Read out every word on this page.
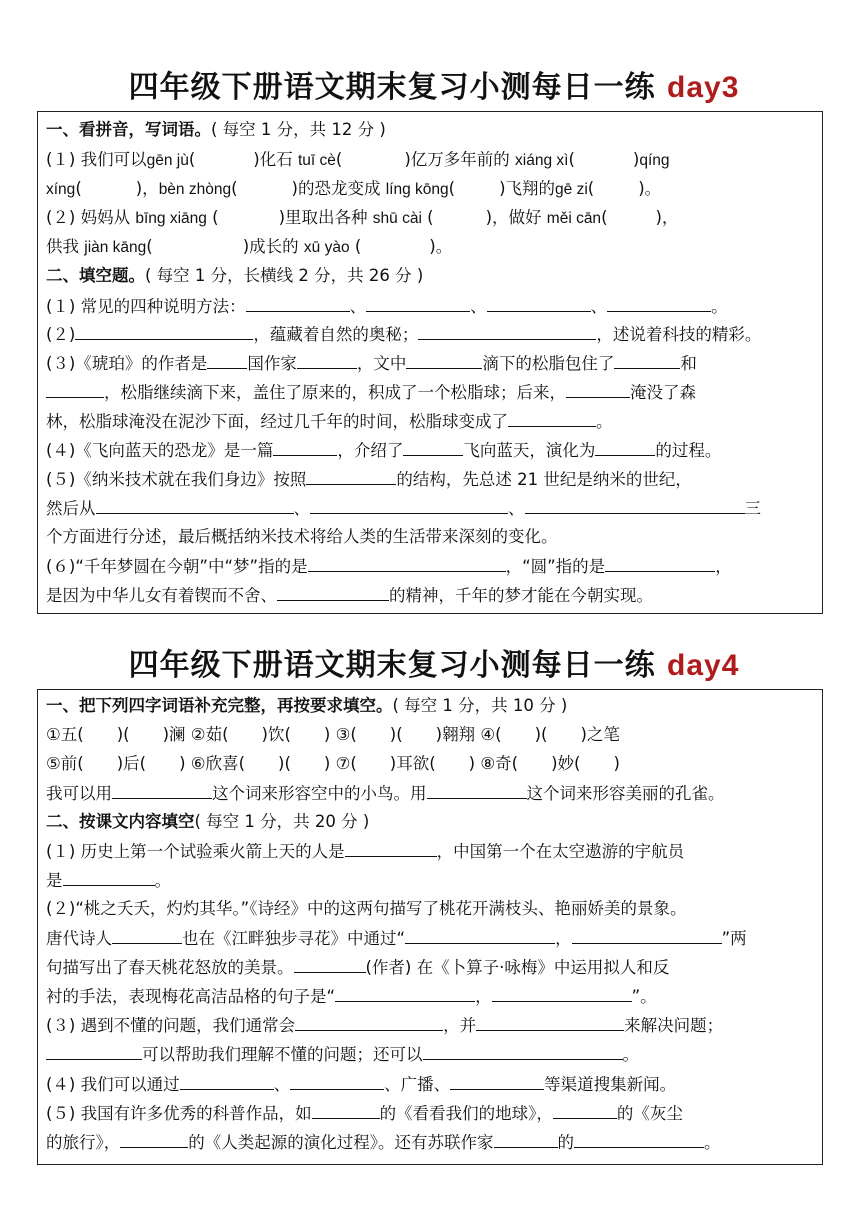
四年级下册语文期末复习小测每日一练 day3
一、看拼音，写词语。( 每空 1 分，共 12 分 )
(１) 我们可以gēn jù(	)化石 tuī cè(	)亿万多年前的 xiáng xì(	)qíng
xíng(	)，bèn zhòng(	)的恐龙变成 líng kōng(	)飞翔的gē zi(	)。
(２) 妈妈从 bīng xiāng (	)里取出各种 shū cài (	)，做好 měi cān(	)，
供我 jiàn kāng(	)成长的 xū yào (	)。
二、填空题。( 每空 1 分，长横线 2 分，共 26 分 )
(１) 常见的四种说明方法：	、	、	、	。
(２)	，蕴藏着自然的奥秘；	，述说着科技的精彩。
(３)《琥珀》的作者是 国作家	，文中	滴下的松脂包住了	和
，松脂继续滴下来，盖住了原来的，积成了一个松脂球；后来，	淹没了森
林，松脂球淹没在泥沙下面，经过几千年的时间，松脂球变成了	。
(４)《飞向蓝天的恐龙》是一篇	，介绍了	飞向蓝天，演化为	的过程。
(５)《纳米技术就在我们身边》按照	的结构，先总述 21 世纪是纳米的世纪，
然后从	、	、	三
个方面进行分述，最后概括纳米技术将给人类的生活带来深刻的变化。
(６)“千年梦圆在今朝”中“梦”指的是	，“圆”指的是	，
是因为中华儿女有着锲而不舍、	的精神，千年的梦才能在今朝实现。
四年级下册语文期末复习小测每日一练 day4
一、把下列四字词语补充完整，再按要求填空。( 每空 1 分，共 10 分 )
①五(　　)(　　)澜 ②茹(　　)饮(　　) ③(　　)(　　)翱翔 ④(　　)(　　)之笔
⑤前(　　)后(　　) ⑥欣喜(　　)(　　) ⑦(　　)耳欲(　　) ⑧奇(　　)妙(　　)
我可以用	这个词来形容空中的小鸟。用	这个词来形容美丽的孔雀。
二、按课文内容填空( 每空 1 分，共 20 分 )
(１) 历史上第一个试验乘火箭上天的人是	，中国第一个在太空遨游的宇航员
是	。
(２)“桃之夭夭，灼灼其华。”《诗经》中的这两句描写了桃花开满枝头、艳丽娇美的景象。
唐代诗人	也在《江畔独步寻花》中通过“	，	”两
句描写出了春天桃花怒放的美景。	(作者) 在《卜算子·咏梅》中运用拟人和反
衬的手法，表现梅花高洁品格的句子是“	，	”。
(３) 遇到不懂的问题，我们通常会	，并	来解决问题；
可以帮助我们理解不懂的问题；还可以	。
(４) 我们可以通过	、	、广播、	等渠道搜集新闻。
(５) 我国有许多优秀的科普作品，如	的《看看我们的地球》，	的《灰尘
的旅行》，	的《人类起源的演化过程》。还有苏联作家	的	。
